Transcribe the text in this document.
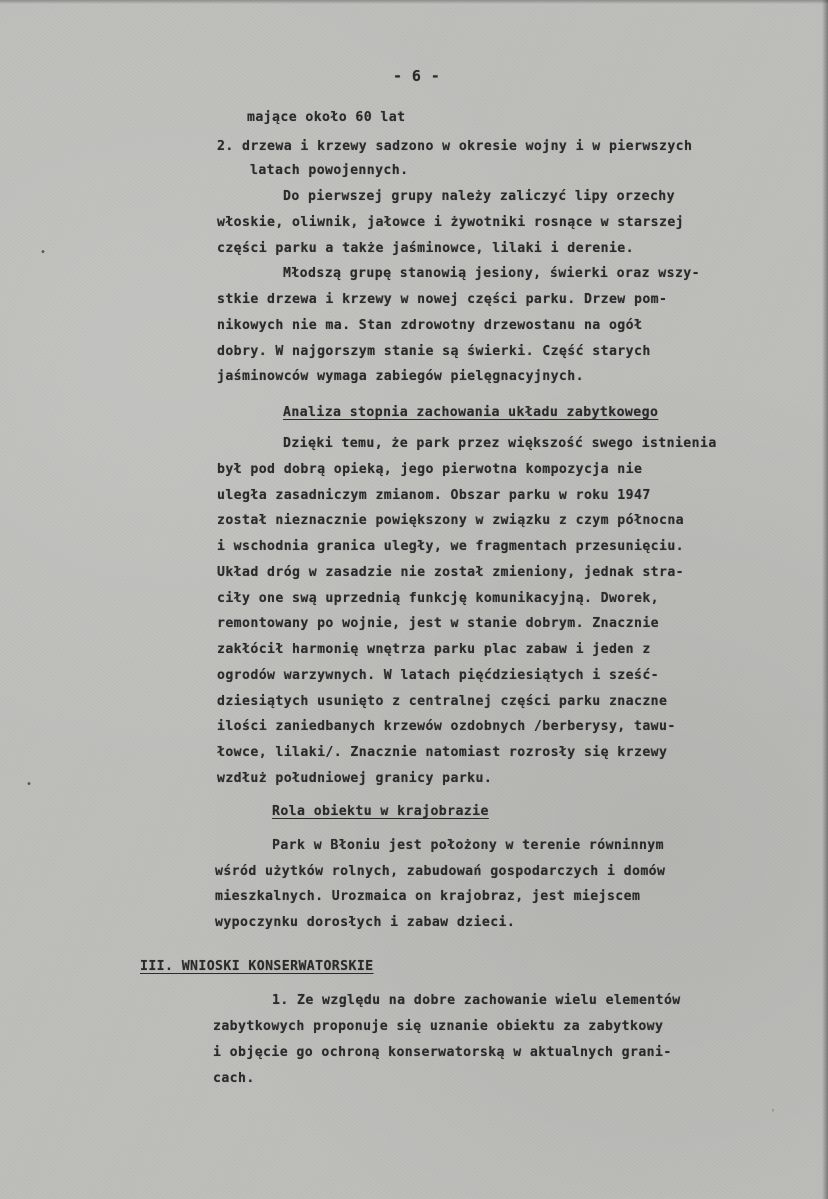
- 6 -
mające około 60 lat
2. drzewa i krzewy sadzono w okresie wojny i w pierwszych
latach powojennych.
Do pierwszej grupy należy zaliczyć lipy orzechy
włoskie, oliwnik, jałowce i żywotniki rosnące w starszej
części parku a także jaśminowce, lilaki i derenie.
Młodszą grupę stanowią jesiony, świerki oraz wszy-
stkie drzewa i krzewy w nowej części parku. Drzew pom-
nikowych nie ma. Stan zdrowotny drzewostanu na ogół
dobry. W najgorszym stanie są świerki. Część starych
jaśminowców wymaga zabiegów pielęgnacyjnych.
Analiza stopnia zachowania układu zabytkowego
Dzięki temu, że park przez większość swego istnienia
był pod dobrą opieką, jego pierwotna kompozycja nie
uległa zasadniczym zmianom. Obszar parku w roku 1947
został nieznacznie powiększony w związku z czym północna
i wschodnia granica uległy, we fragmentach przesunięciu.
Układ dróg w zasadzie nie został zmieniony, jednak stra-
ciły one swą uprzednią funkcję komunikacyjną. Dworek,
remontowany po wojnie, jest w stanie dobrym. Znacznie
zakłócił harmonię wnętrza parku plac zabaw i jeden z
ogrodów warzywnych. W latach pięćdziesiątych i sześć-
dziesiątych usunięto z centralnej części parku znaczne
ilości zaniedbanych krzewów ozdobnych /berberysy, tawu-
łowce, lilaki/. Znacznie natomiast rozrosły się krzewy
wzdłuż południowej granicy parku.
Rola obiektu w krajobrazie
Park w Błoniu jest położony w terenie równinnym
wśród użytków rolnych, zabudowań gospodarczych i domów
mieszkalnych. Urozmaica on krajobraz, jest miejscem
wypoczynku dorosłych i zabaw dzieci.
III. WNIOSKI KONSERWATORSKIE
1. Ze względu na dobre zachowanie wielu elementów
zabytkowych proponuje się uznanie obiektu za zabytkowy
i objęcie go ochroną konserwatorską w aktualnych grani-
cach.
•
•
'
